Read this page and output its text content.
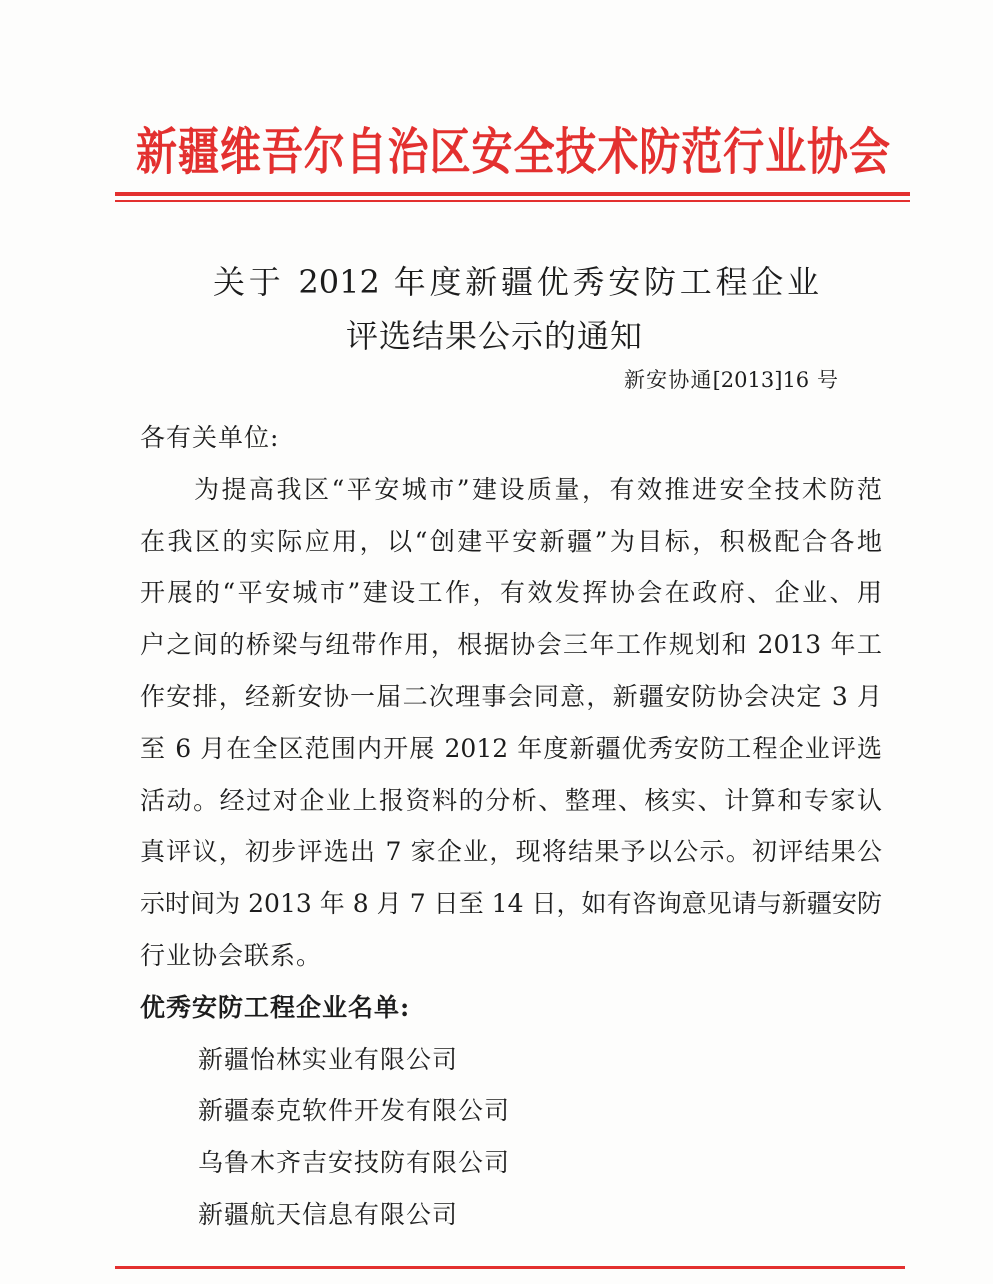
新疆维吾尔自治区安全技术防范行业协会
关于 2012 年度新疆优秀安防工程企业
评选结果公示的通知
新安协通[2013]16 号
各有关单位:
为提高我区“平安城市”建设质量，有效推进安全技术防范
在我区的实际应用，以“创建平安新疆”为目标，积极配合各地
开展的“平安城市”建设工作，有效发挥协会在政府、企业、用
户之间的桥梁与纽带作用，根据协会三年工作规划和 2013 年工
作安排，经新安协一届二次理事会同意，新疆安防协会决定 3 月
至 6 月在全区范围内开展 2012 年度新疆优秀安防工程企业评选
活动。经过对企业上报资料的分析、整理、核实、计算和专家认
真评议，初步评选出 7 家企业，现将结果予以公示。初评结果公
示时间为 2013 年 8 月 7 日至 14 日，如有咨询意见请与新疆安防
行业协会联系。
优秀安防工程企业名单:
新疆怡林实业有限公司
新疆泰克软件开发有限公司
乌鲁木齐吉安技防有限公司
新疆航天信息有限公司
